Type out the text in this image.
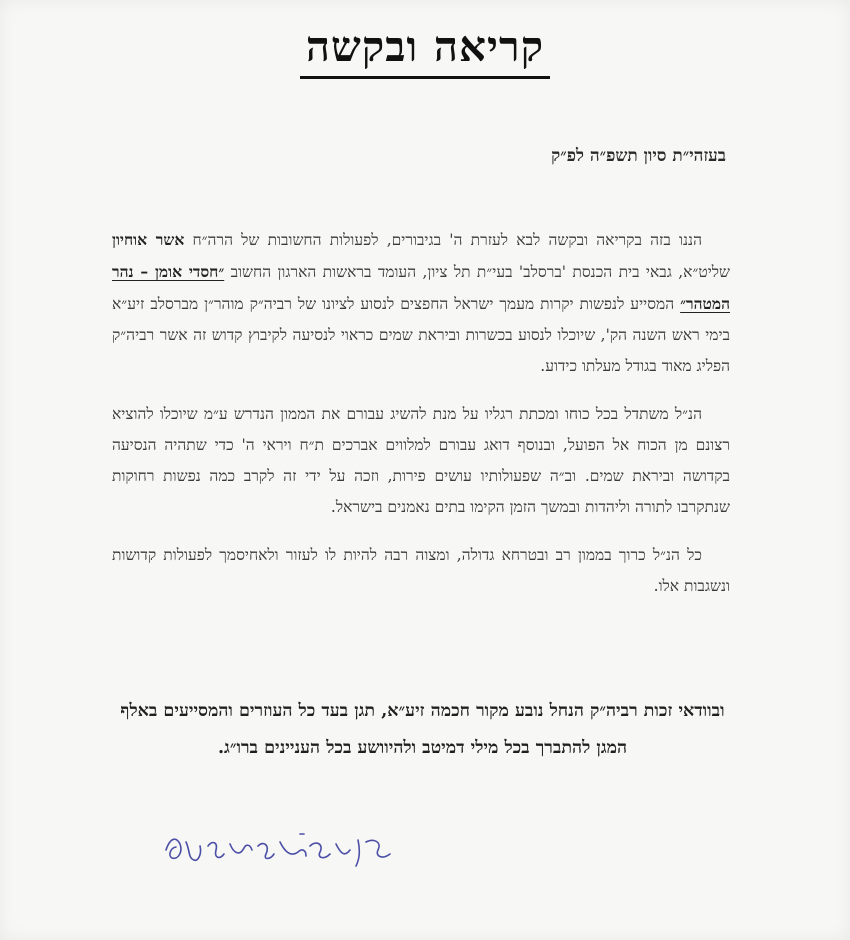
קריאה ובקשה
בעזהי״ת סיון תשפ״ה לפ״ק

הננו בזה בקריאה ובקשה לבא לעזרת ה' בגיבורים, לפעולות החשובות של הרה״ח אשר אוחיון שליט״א, גבאי בית הכנסת 'ברסלב' בעי״ת תל ציון, העומד בראשות הארגון החשוב ״חסדי אומן – נהר המטהר״ המסייע לנפשות יקרות מעמך ישראל החפצים לנסוע לציונו של רביה״ק מוהר״ן מברסלב זיע״א בימי ראש השנה הק', שיוכלו לנסוע בכשרות וביראת שמים כראוי לנסיעה לקיבוץ קדוש זה אשר רביה״ק הפליג מאוד בגודל מעלתו כידוע.

הנ״ל משתדל בכל כוחו ומכתת רגליו על מנת להשיג עבורם את הממון הנדרש ע״מ שיוכלו להוציא רצונם מן הכוח אל הפועל, ובנוסף דואג עבורם למלווים אברכים ת״ח ויראי ה' כדי שתהיה הנסיעה בקדושה וביראת שמים. וב״ה שפעולותיו עושים פירות, וזכה על ידי זה לקרב כמה נפשות רחוקות שנתקרבו לתורה וליהדות ובמשך הזמן הקימו בתים נאמנים בישראל.

כל הנ״ל כרוך בממון רב ובטרחא גדולה, ומצוה רבה להיות לו לעזור ולאחיסמך לפעולות קדושות ונשגבות אלו.

ובוודאי זכות רביה״ק הנחל נובע מקור חכמה זיע״א, תגן בעד כל העוזרים והמסייעים באלף המגן להתברך בכל מילי דמיטב ולהיוושע בכל העניינים ברו״ג.
